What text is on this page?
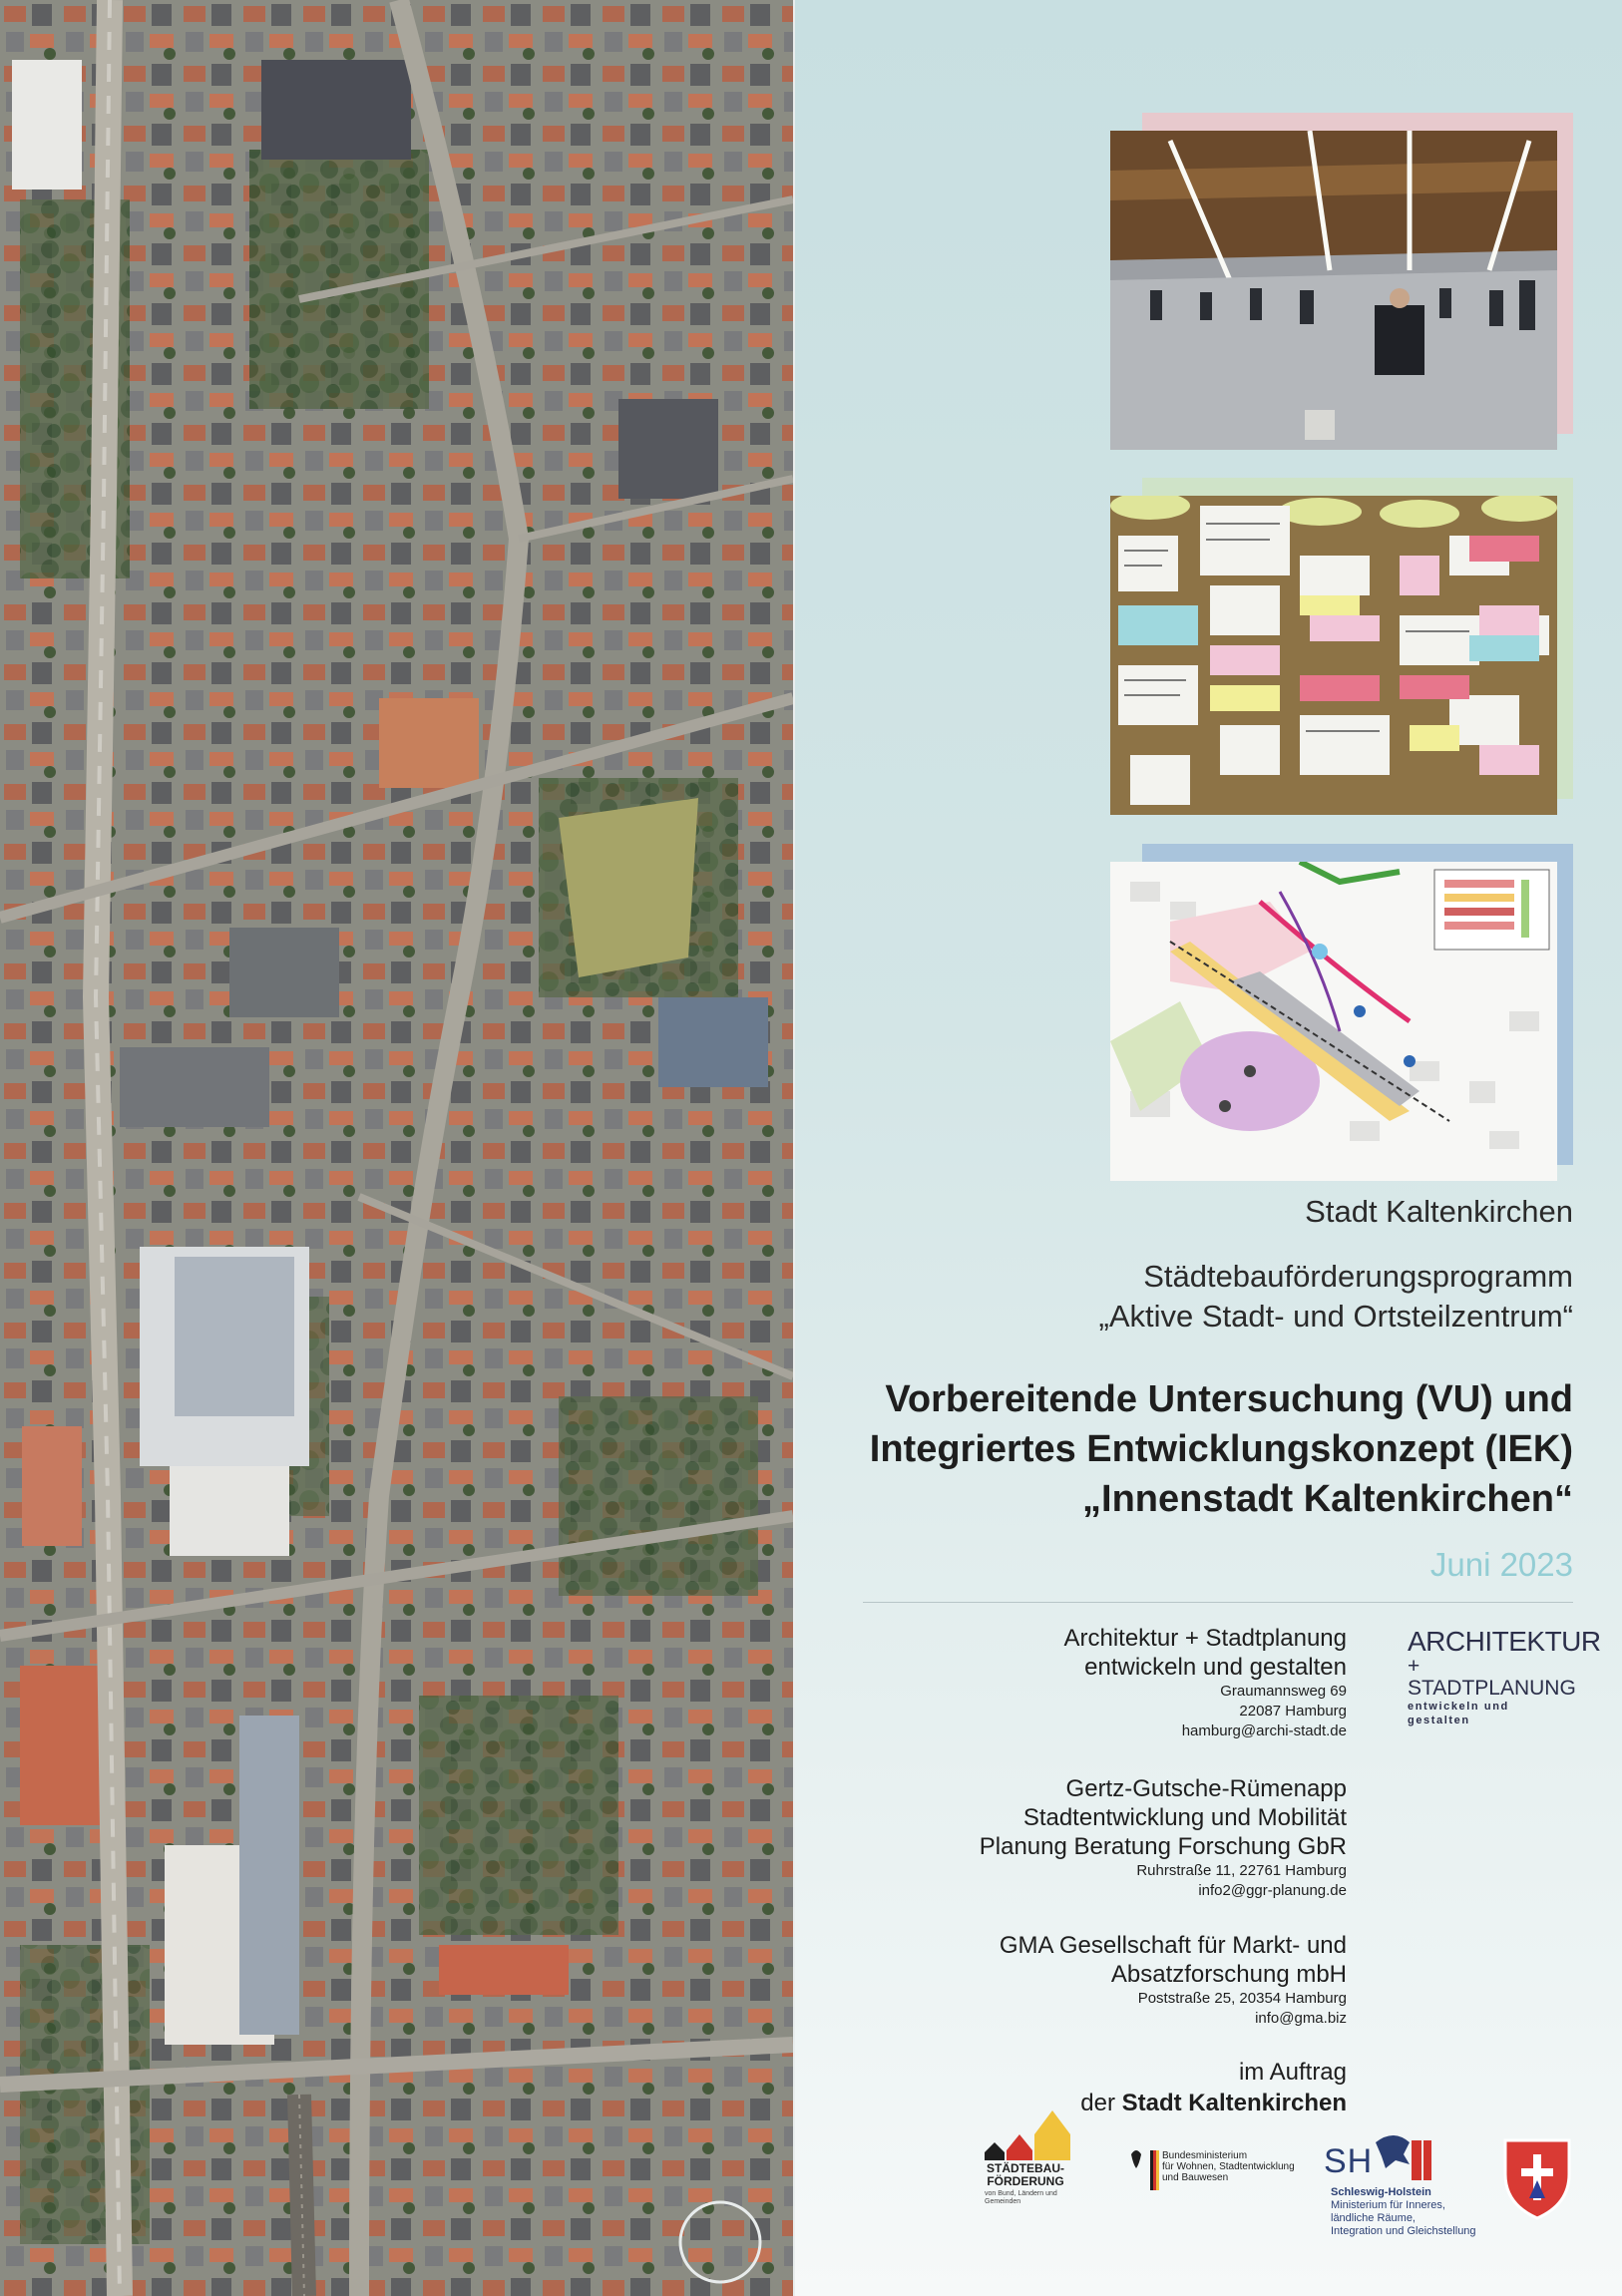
Stadt Kaltenkirchen
Städtebauförderungsprogramm
„Aktive Stadt- und Ortsteilzentrum“
Vorbereitende Untersuchung (VU) und
Integriertes Entwicklungskonzept (IEK)
„Innenstadt Kaltenkirchen“
Juni 2023
Architektur + Stadtplanung
entwickeln und gestalten
Graumannsweg 69
22087 Hamburg
hamburg@archi-stadt.de
ARCHITEKTUR
+ STADTPLANUNG
entwickeln und gestalten
Gertz-Gutsche-Rümenapp
Stadtentwicklung und Mobilität
Planung Beratung Forschung GbR
Ruhrstraße 11, 22761 Hamburg
info2@ggr-planung.de
GMA Gesellschaft für Markt- und
Absatzforschung mbH
Poststraße 25, 20354 Hamburg
info@gma.biz
im Auftrag
der Stadt Kaltenkirchen
STÄDTEBAU-
FÖRDERUNG
von Bund, Ländern und Gemeinden
Bundesministerium
für Wohnen, Stadtentwicklung
und Bauwesen	SH
Schleswig-Holstein
Ministerium für Inneres,
ländliche Räume,
Integration und Gleichstellung
